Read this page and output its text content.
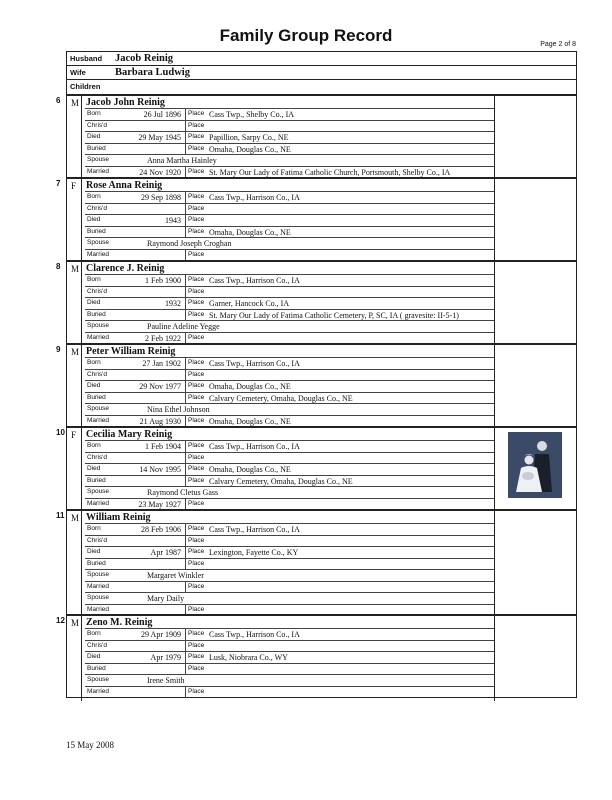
Family Group Record	Page 2 of 8
Husband Jacob Reinig
Wife	Barbara Ludwig
Children
6 M Jacob John Reinig
Born	26 Jul 1896 Place Cass Twp., Shelby Co., IA
Chris'd	Place
Died	29 May 1945 Place Papillion, Sarpy Co., NE
Buried	Place Omaha, Douglas Co., NE
Spouse	Anna Martha Hainley
Married	24 Nov 1920 Place St. Mary Our Lady of Fatima Catholic Church, Portsmouth, Shelby Co., IA
7 F Rose Anna Reinig
Born	29 Sep 1898 Place Cass Twp., Harrison Co., IA
Chris'd	Place
Died	1943 Place
Buried	Place Omaha, Douglas Co., NE
Spouse	Raymond Joseph Croghan
Married	Place
8 M Clarence J. Reinig
Born	1 Feb 1900 Place Cass Twp., Harrison Co., IA
Chris'd	Place
Died	1932 Place Garner, Hancock Co., IA
Buried	Place St. Mary Our Lady of Fatima Catholic Cemetery, P, SC, IA ( gravesite: II-5-1)
Spouse	Pauline Adeline Yegge
Married	2 Feb 1922 Place
9 M Peter William Reinig
Born	27 Jan 1902 Place Cass Twp., Harrison Co., IA
Chris'd	Place
Died	29 Nov 1977 Place Omaha, Douglas Co., NE
Buried	Place Calvary Cemetery, Omaha, Douglas Co., NE
Spouse	Nina Ethel Johnson
Married	21 Aug 1930 Place Omaha, Douglas Co., NE
10 F Cecilia Mary Reinig
Born	1 Feb 1904 Place Cass Twp., Harrison Co., IA
Chris'd	Place
Died	14 Nov 1995 Place Omaha, Douglas Co., NE
Buried	Place Calvary Cemetery, Omaha, Douglas Co., NE
Spouse	Raymond Cletus Gass
Married	23 May 1927 Place
11 M William Reinig
Born	28 Feb 1906 Place Cass Twp., Harrison Co., IA
Chris'd	Place
Died	Apr 1987 Place Lexington, Fayette Co., KY
Buried	Place
Spouse	Margaret Winkler
Married	Place
Spouse	Mary Daily
Married	Place
12 M Zeno M. Reinig
Born	29 Apr 1909 Place Cass Twp., Harrison Co., IA
Chris'd	Place
Died	Apr 1979 Place Lusk, Niobrara Co., WY
Buried	Place
Spouse	Irene Smith
Married	Place
15 May 2008
